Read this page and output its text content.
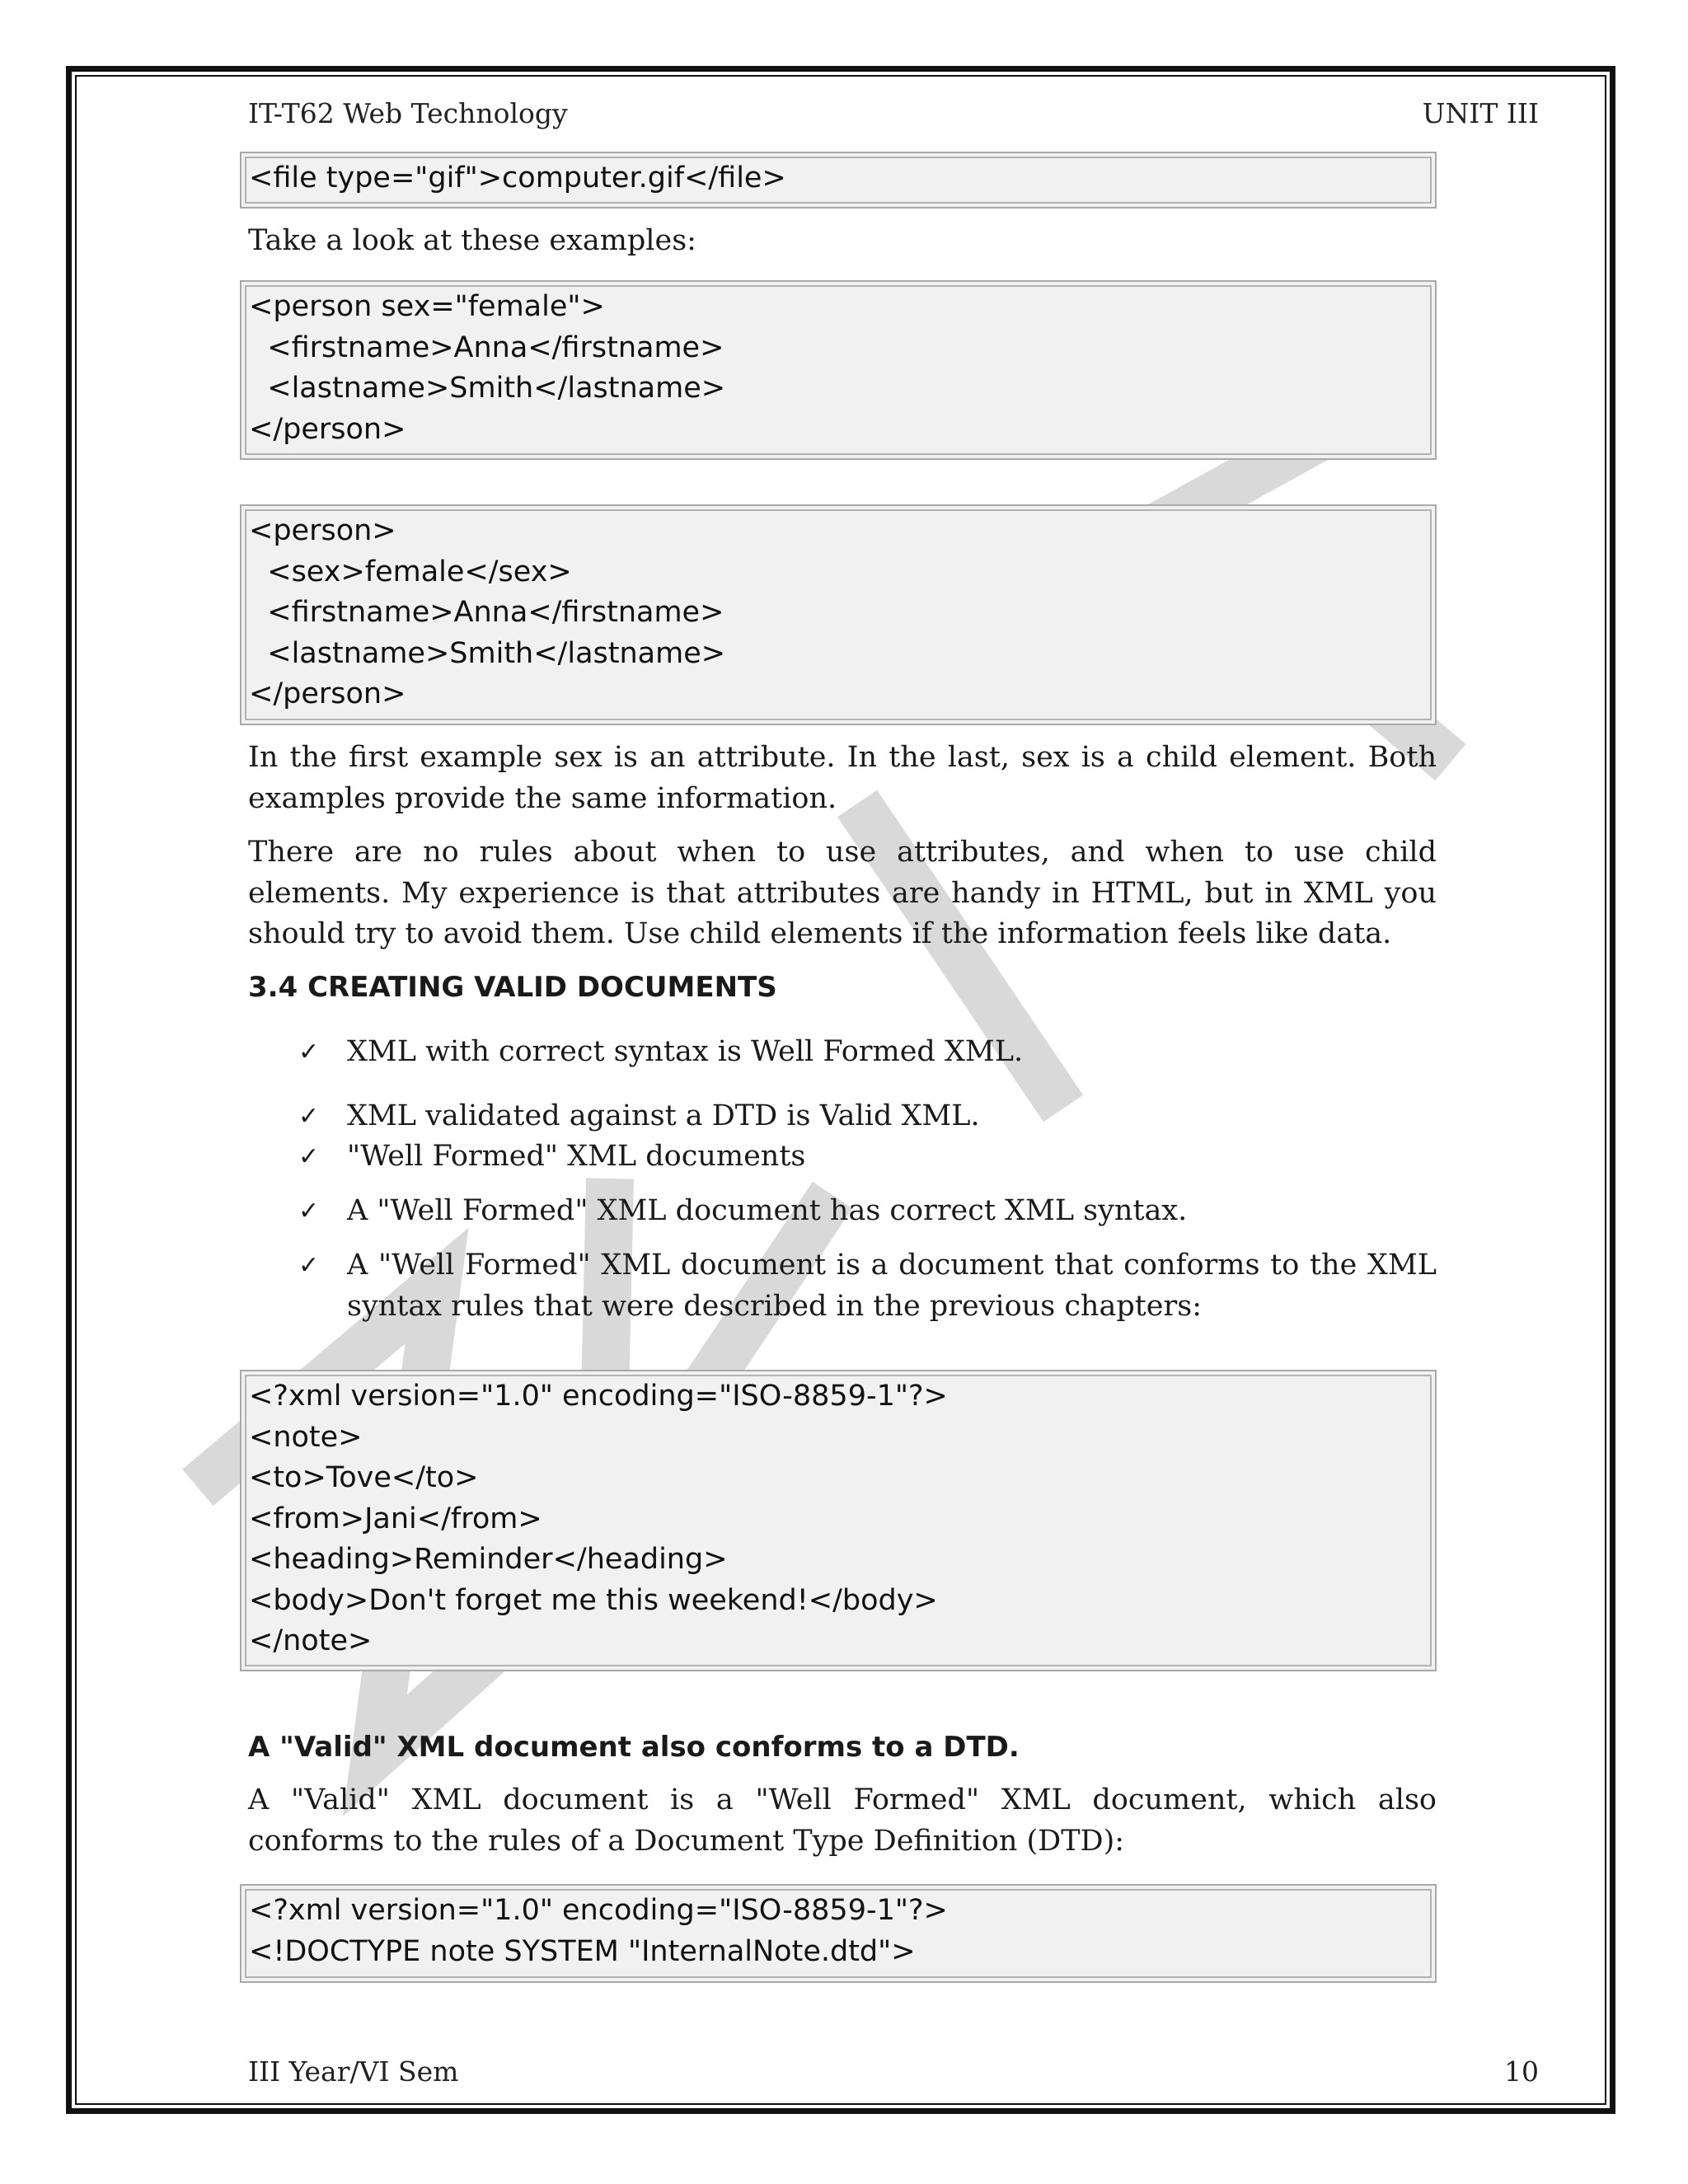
IT-T62 Web Technology	UNIT III
<file type="gif">computer.gif</file>

Take a look at these examples:

<person sex="female">
<firstname>Anna</firstname>
<lastname>Smith</lastname>
</person>
<person>
<sex>female</sex>
<firstname>Anna</firstname>
<lastname>Smith</lastname>
</person>

In the first example sex is an attribute. In the last, sex is a child element. Both examples provide the same information.

There are no rules about when to use attributes, and when to use child elements. My experience is that attributes are handy in HTML, but in XML you should try to avoid them. Use child elements if the information feels like data.

3.4 CREATING VALID DOCUMENTS
✓ XML with correct syntax is Well Formed XML.
✓ XML validated against a DTD is Valid XML.
✓ "Well Formed" XML documents
✓ A "Well Formed" XML document has correct XML syntax.
✓ A "Well Formed" XML document is a document that conforms to the XML syntax rules that were described in the previous chapters:
<?xml version="1.0" encoding="ISO-8859-1"?>
<note>
<to>Tove</to>
<from>Jani</from>
<heading>Reminder</heading>
<body>Don't forget me this weekend!</body>
</note>
A "Valid" XML document also conforms to a DTD.

A "Valid" XML document is a "Well Formed" XML document, which also conforms to the rules of a Document Type Definition (DTD):

<?xml version="1.0" encoding="ISO-8859-1"?>
<!DOCTYPE note SYSTEM "InternalNote.dtd">
III Year/VI Sem	10
